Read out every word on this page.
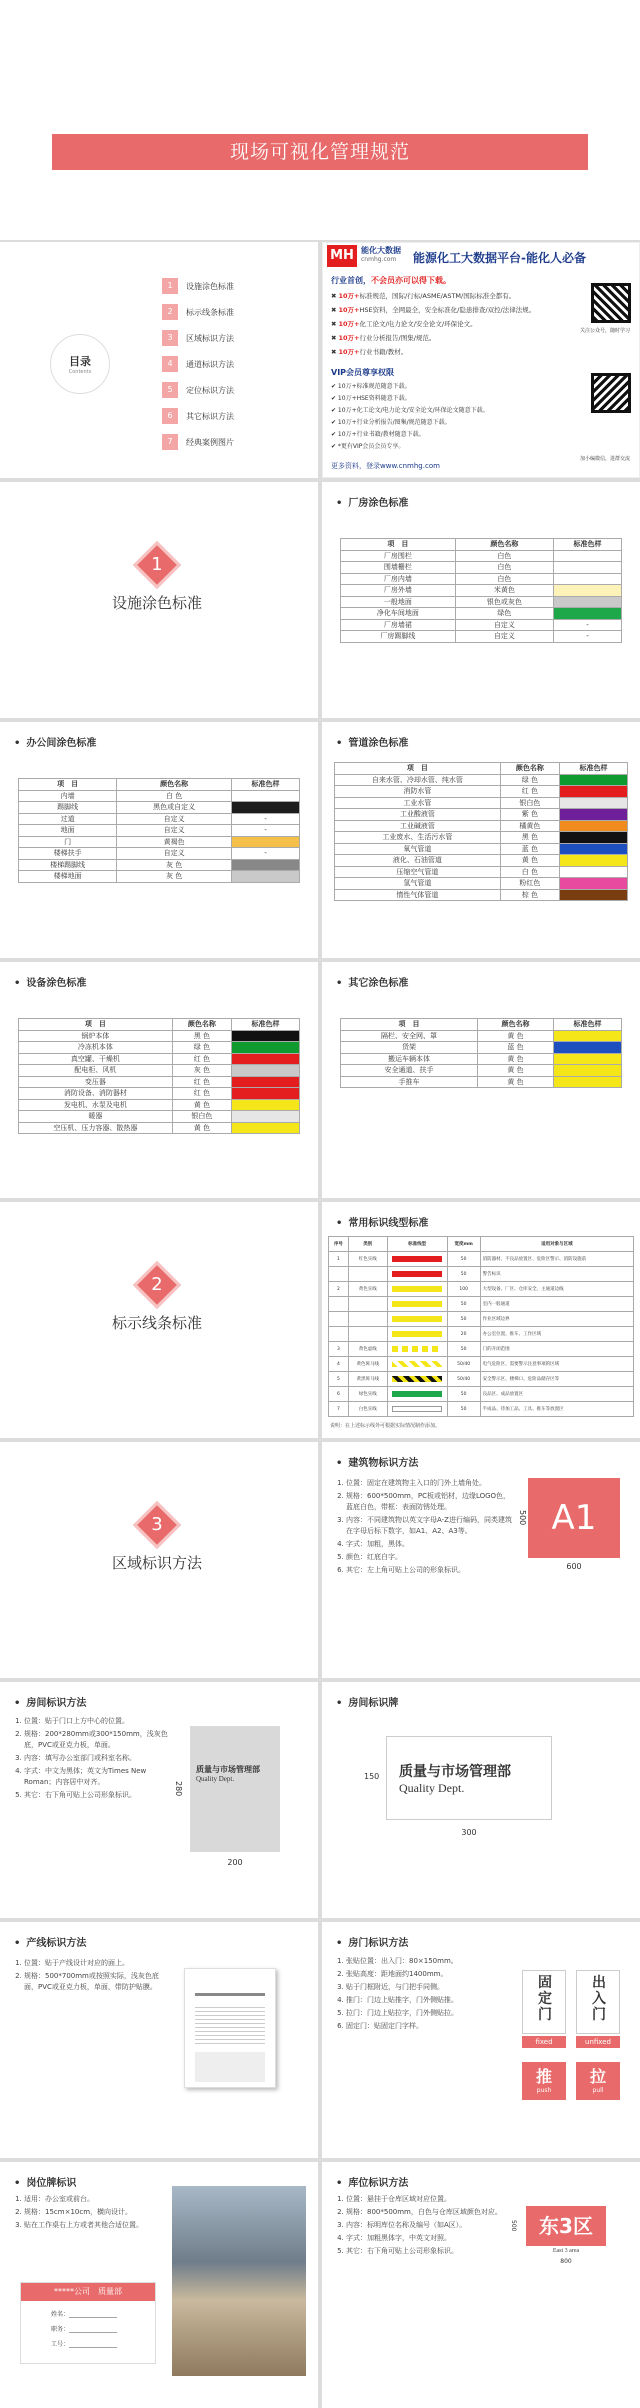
现场可视化管理规范
目录
Contents
1	设施涂色标准
2	标示线条标准
3	区域标识方法
4	通道标识方法
5	定位标识方法
6	其它标识方法
7	经典案例图片
MH 能化大数据
cnmhg.com 能源化工大数据平台-能化人必备
行业首创，不会员亦可以得下载。
✖ 10万+标准规范，国际/行标/ASME/ASTM/国际标准全都有。
✖ 10万+HSE资料，全网最全，安全标准化/隐患排查/双控/法律法规。
✖ 10万+化工论文/电力论文/安全论文/环保论文。
✖ 10万+行业分析报告/图集/规范。
✖ 10万+行业书籍/教材。
VIP会员尊享权限
✔ 10万+标准规范随意下载。
✔ 10万+HSE资料随意下载。
✔ 10万+化工论文/电力论文/安全论文/环保论文随意下载。
✔ 10万+行业分析报告/图集/规范随意下载。
✔ 10万+行业书籍/教材随意下载。
✔ *更有VIP会员会员专享。
更多资料，登录www.cnmhg.com
关注公众号，随时学习
加小编微信，进群交流
1
设施涂色标准
• 厂房涂色标准
项　目	颜色名称	标准色样
厂房围栏	白色	
围墙栅栏	白色	
厂房内墙	白色	
厂房外墙	米黄色	
一般地面	银色或灰色	
净化车间地面	绿色	
厂房墙裙	自定义	-
厂房踢脚线	自定义	-
• 办公间涂色标准
项　目	颜色名称	标准色样
内墙	白 色	
踢脚线	黑色或自定义	
过道	自定义	-
地面	自定义	-
门	黄褐色	
楼梯扶手	自定义	-
楼梯踢脚线	灰 色	
楼梯地面	灰 色	
• 管道涂色标准
项　目	颜色名称	标准色样
自来水管、冷却水管、纯水管	绿 色	
消防水管	红 色	
工业水管	银白色	
工业酸液管	紫 色	
工业碱液管	橘黄色	
工业废水、生活污水管	黑 色	
氧气管道	蓝 色	
液化、石油管道	黄 色	
压缩空气管道	白 色	
氢气管道	粉红色	
惰性气体管道	棕 色	
• 设备涂色标准
项　目	颜色名称	标准色样
锅炉本体	黑 色	
冷冻机本体	绿 色	
真空罐、干燥机	红 色	
配电柜、风机	灰 色	
变压器	红 色	
消防设备、消防器材	红 色	
发电机、水泵及电机	黄 色	
暖器	银白色	
空压机、压力容器、散热器	黄 色	
• 其它涂色标准
项　目	颜色名称	标准色样
隔栏、安全网、罩	黄 色	
货架	蓝 色	
搬运车辆本体	黄 色	
安全通道、扶手	黄 色	
手推车	黄 色	
2
标示线条标准
• 常用标识线型标准
序号	类别	标准线型	宽度mm	适用对象与区域
1	红色实线		50	消防器材、不良品放置区、危险区警示、消防设施前

	50	警告标识
2	黄色实线		100	大型设备、厂区、仓库安全、主通道边线

	50	室内一般通道

	50	作业区域边界

	20	办公室位置、推车、工作区域
3	黄色虚线		50	门的开闭范围
4	黄色斑马线		50/40	电气危险区、需要警示注意事项的区域
5	黄黑斑马线		50/40	安全警示区、楼梯口、危险品储存区等
6	绿色实线		50	良品区、成品放置区
7	白色实线		50	半成品、待加工品、工具、推车等放置区
说明：在上述标示线外可根据实际情况制作添加。
3
区域标识方法
• 建筑物标识方法
1. 位置：固定在建筑物主入口的门外上墙角处。
2. 规格：600*500mm，PC板或铝材，边缘LOGO色，蓝底白色，带框：表面防锈处理。
3. 内容：不同建筑物以英文字母A-Z进行编码，同类建筑在字母后标下数字，如A1、A2、A3等。
4. 字式：加粗，黑体。
5. 颜色：红底白字。
6. 其它：左上角可贴上公司的形象标识。
A1
500
600
• 房间标识方法
1. 位置：贴于门口上方中心的位置。
2. 规格：200*280mm或300*150mm，浅灰色底，PVC或亚克力板，单面。
3. 内容：填写办公室部门或科室名称。
4. 字式：中文为黑体；英文为Times New Roman；内容居中对齐。
5. 其它：右下角可贴上公司形象标识。
质量与市场管理部
Quality Dept.
280
200
• 房间标识牌
质量与市场管理部
Quality Dept.
150
300
• 产线标识方法
1. 位置：贴于产线设计对应的面上。
2. 规格：500*700mm或按照实际，浅灰色底面，PVC或亚克力板，单面，带防护贴膜。
• 房门标识方法
1. 张贴位置：出入门：80×150mm。
2. 张贴高度：距地面约1400mm。
3. 贴于门框附近，与门把手同侧。
4. 推门：门边上贴推字，门外侧贴推。
5. 拉门：门边上贴拉字，门外侧贴拉。
6. 固定门：贴固定门字样。
固定门
fixed
出入门
unfixed
推
push
拉
pull
• 岗位牌标识
1. 适用：办公室或前台。
2. 规格：15cm×10cm，横向设计。
3. 贴在工作桌右上方或者其他合适位置。
*****公司　质量部
姓名：________________
职务：________________
工号：________________
• 库位标识方法
1. 位置：悬挂于仓库区域对应位置。
2. 规格：800*500mm，白色与仓库区域颜色对应。
3. 内容：标明库位名称及编号（如A区）。
4. 字式：加粗黑体字，中英文对照。
5. 其它：右下角可贴上公司形象标识。
东3区
East 3 area
500
800
